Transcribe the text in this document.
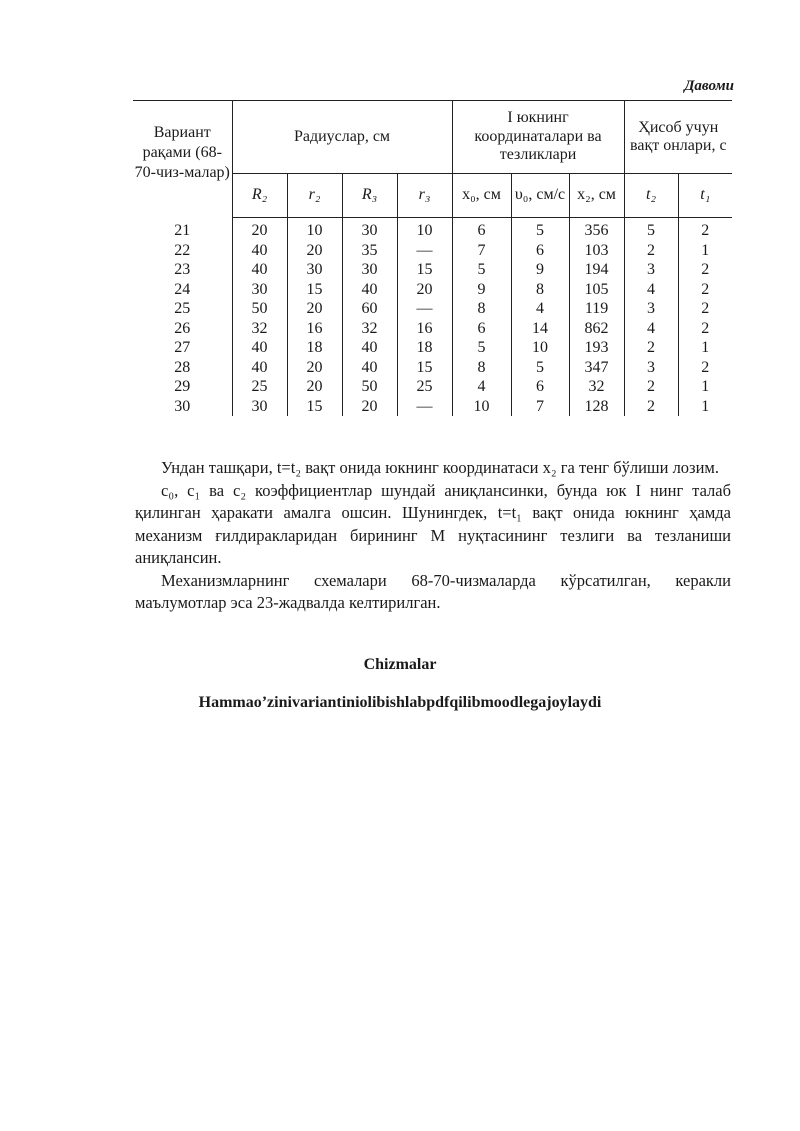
Давоми
Вариант рақами (68-70-чиз-малар)	Радиуслар, см				I юкнинг координаталари ва тезликлари			Ҳисоб учун вақт онлари, с	
	R₂	r₂	R₃	r₃	x₀, см	υ₀, см/с	x₂, см	t₂	t₁
21	20	10	30	10	6	5	356	5	2
22	40	20	35	—	7	6	103	2	1
23	40	30	30	15	5	9	194	3	2
24	30	15	40	20	9	8	105	4	2
25	50	20	60	—	8	4	119	3	2
26	32	16	32	16	6	14	862	4	2
27	40	18	40	18	5	10	193	2	1
28	40	20	40	15	8	5	347	3	2
29	25	20	50	25	4	6	32	2	1
30	30	15	20	—	10	7	128	2	1

Ундан ташқари, t=t₂ вақт онида юкнинг координатаси x₂ га тенг бўлиши лозим.

c₀, c₁ ва c₂ коэффициентлар шундай аниқлансинки, бунда юк I нинг талаб қилинган ҳаракати амалга ошсин. Шунингдек, t=t₁ вақт онида юкнинг ҳамда механизм ғилдиракларидан бирининг M нуқтасининг тезлиги ва тезланиши аниқлансин.

Механизмларнинг схемалари 68-70-чизмаларда кўрсатилган, керакли маълумотлар эса 23-жадвалда келтирилган.

Chizmalar
Hammao’zinivariantiniolibishlabpdfqilibmoodlegajoylaydi
